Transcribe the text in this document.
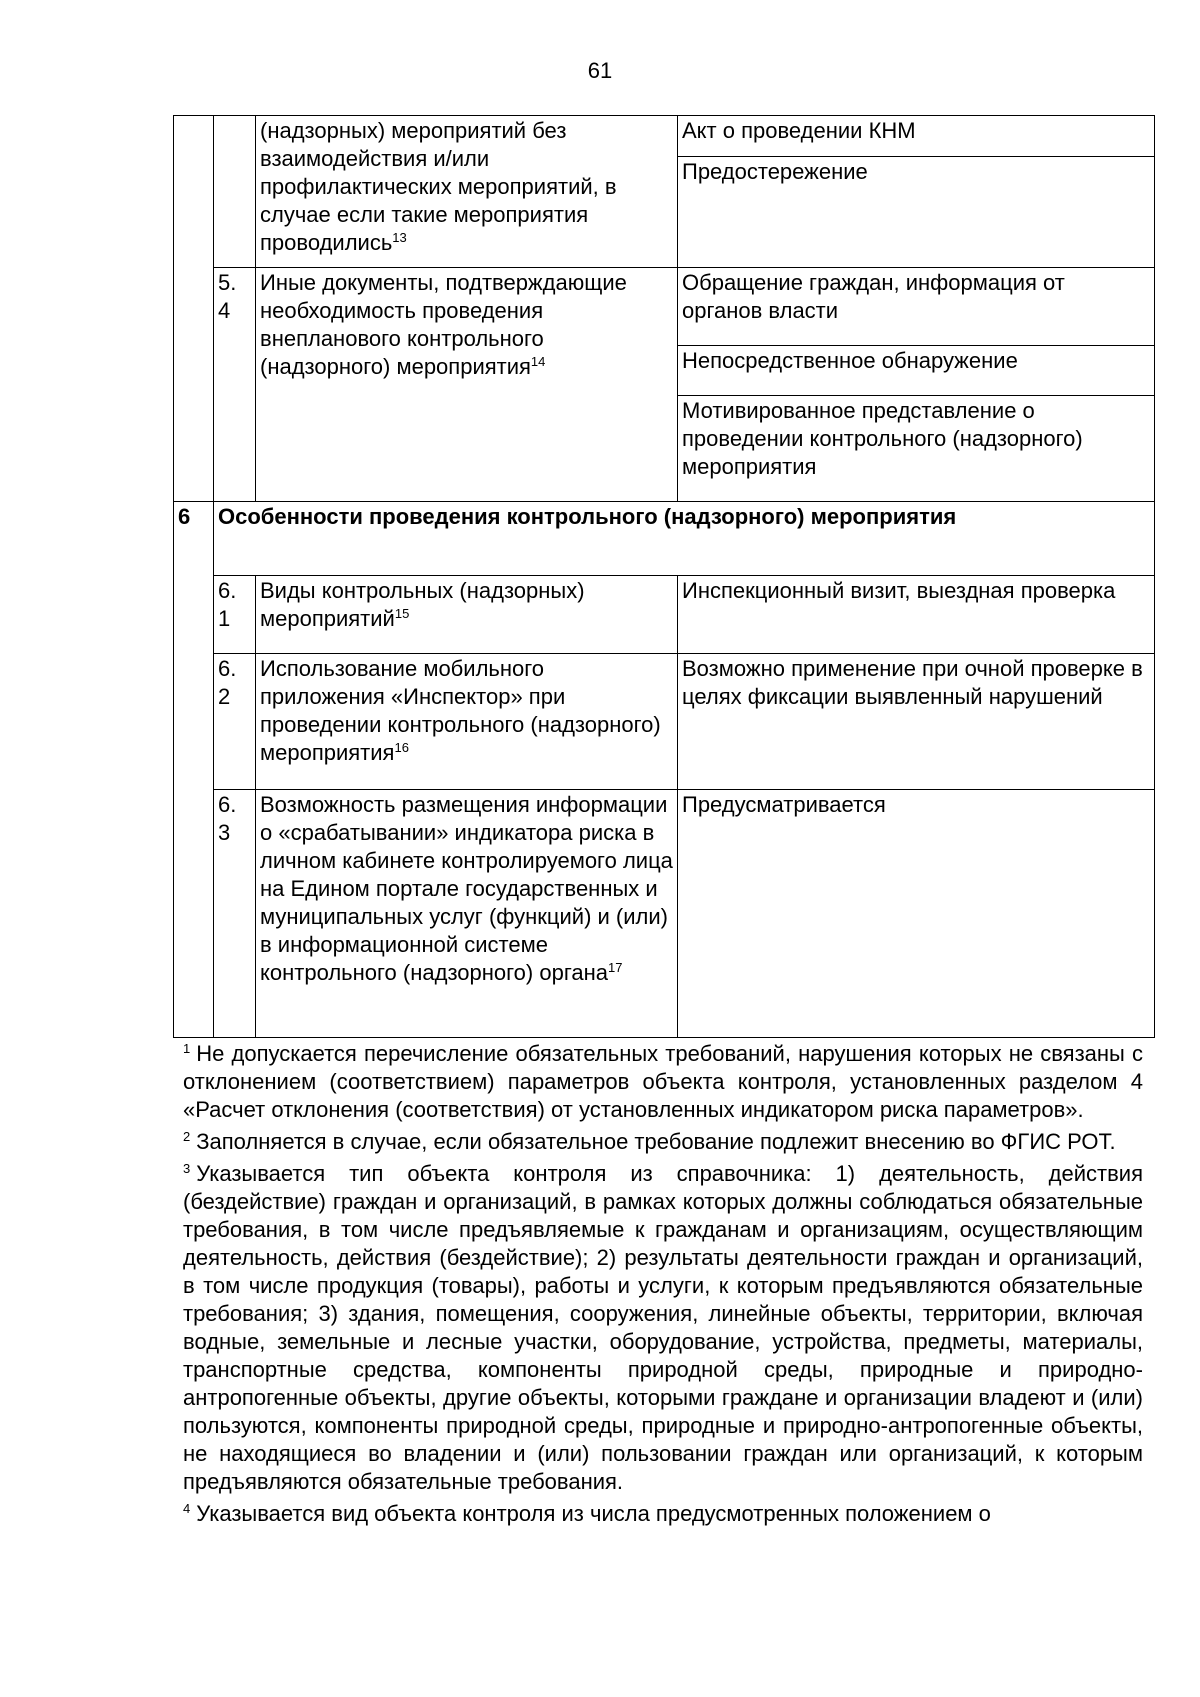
61
		(надзорных) мероприятий без взаимодействия и/или профилактических мероприятий, в случае если такие мероприятия проводились$^{13}$	Акт о проведении КНМ
			Предостережение
	5. 4	Иные документы, подтверждающие необходимость проведения внепланового контрольного (надзорного) мероприятия$^{14}$	Обращение граждан, информация от органов власти
			Непосредственное обнаружение
			Мотивированное представление о проведении контрольного (надзорного) мероприятия
6	Особенности проведения контрольного (надзорного) мероприятия		
	6. 1	Виды контрольных (надзорных) мероприятий$^{15}$	Инспекционный визит, выездная проверка
	6. 2	Использование мобильного приложения «Инспектор» при проведении контрольного (надзорного) мероприятия$^{16}$	Возможно применение при очной проверке в целях фиксации выявленный нарушений
	6. 3	Возможность размещения информации о «срабатывании» индикатора риска в личном кабинете контролируемого лица на Едином портале государственных и муниципальных услуг (функций) и (или) в информационной системе контрольного (надзорного) органа$^{17}$	Предусматривается

$^1$ Не допускается перечисление обязательных требований, нарушения которых не связаны с отклонением (соответствием) параметров объекта контроля, установленных разделом 4 «Расчет отклонения (соответствия) от установленных индикатором риска параметров».

$^2$ Заполняется в случае, если обязательное требование подлежит внесению во ФГИС РОТ.

$^3$ Указывается тип объекта контроля из справочника: 1) деятельность, действия (бездействие) граждан и организаций, в рамках которых должны соблюдаться обязательные требования, в том числе предъявляемые к гражданам и организациям, осуществляющим деятельность, действия (бездействие); 2) результаты деятельности граждан и организаций, в том числе продукция (товары), работы и услуги, к которым предъявляются обязательные требования; 3) здания, помещения, сооружения, линейные объекты, территории, включая водные, земельные и лесные участки, оборудование, устройства, предметы, материалы, транспортные средства, компоненты природной среды, природные и природно-антропогенные объекты, другие объекты, которыми граждане и организации владеют и (или) пользуются, компоненты природной среды, природные и природно-антропогенные объекты, не находящиеся во владении и (или) пользовании граждан или организаций, к которым предъявляются обязательные требования.

$^4$ Указывается вид объекта контроля из числа предусмотренных положением о
